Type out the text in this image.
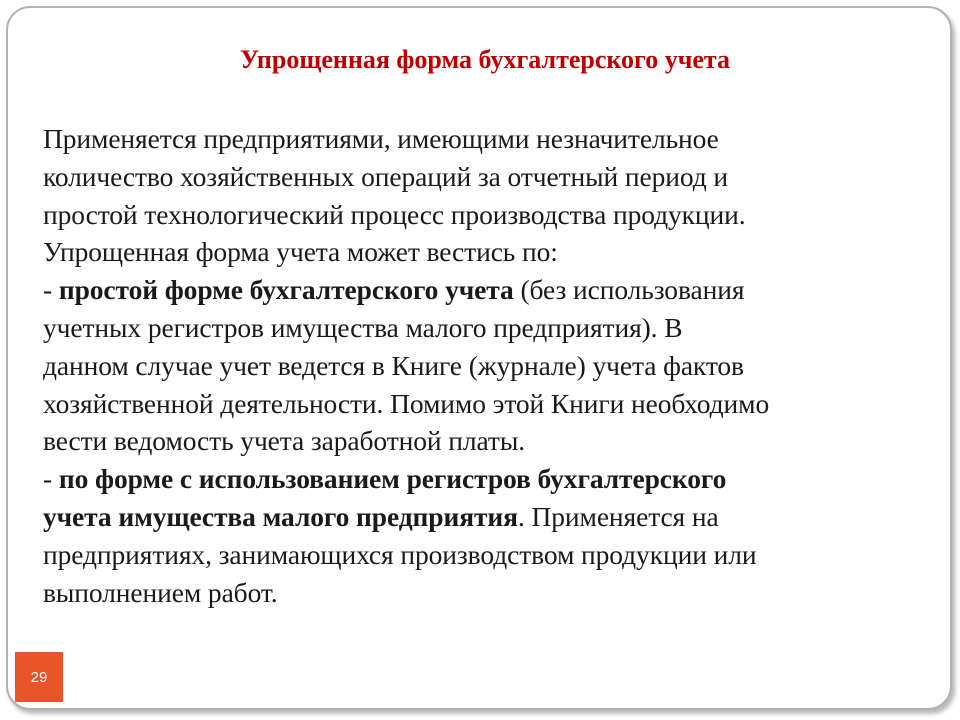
Упрощенная форма бухгалтерского учета
Применяется предприятиями, имеющими незначительное
количество хозяйственных операций за отчетный период и
простой технологический процесс производства продукции.
Упрощенная форма учета может вестись по:
- простой форме бухгалтерского учета (без использования
учетных регистров имущества малого предприятия). В
данном случае учет ведется в Книге (журнале) учета фактов
хозяйственной деятельности. Помимо этой Книги необходимо
вести ведомость учета заработной платы.
- по форме с использованием регистров бухгалтерского
учета имущества малого предприятия. Применяется на
предприятиях, занимающихся производством продукции или
выполнением работ.
29
